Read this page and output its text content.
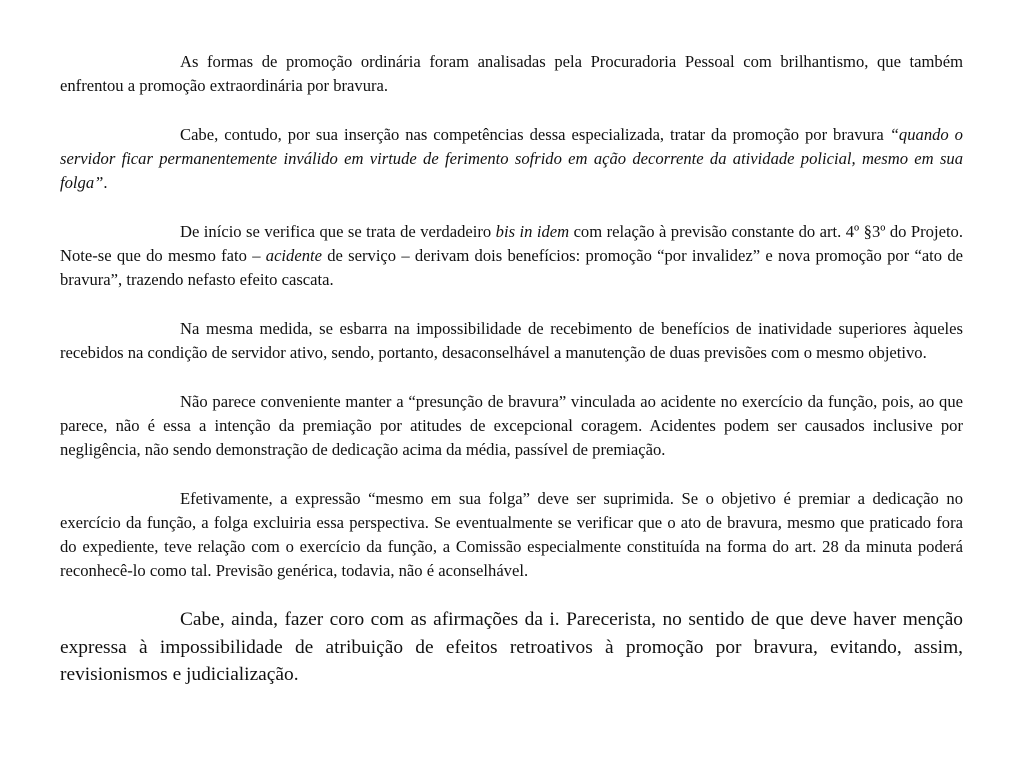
As formas de promoção ordinária foram analisadas pela Procuradoria Pessoal com brilhantismo, que também enfrentou a promoção extraordinária por bravura.

Cabe, contudo, por sua inserção nas competências dessa especializada, tratar da promoção por bravura “quando o servidor ficar permanentemente inválido em virtude de ferimento sofrido em ação decorrente da atividade policial, mesmo em sua folga”.

De início se verifica que se trata de verdadeiro bis in idem com relação à previsão constante do art. 4º §3º do Projeto. Note-se que do mesmo fato – acidente de serviço – derivam dois benefícios: promoção “por invalidez” e nova promoção por “ato de bravura”, trazendo nefasto efeito cascata.

Na mesma medida, se esbarra na impossibilidade de recebimento de benefícios de inatividade superiores àqueles recebidos na condição de servidor ativo, sendo, portanto, desaconselhável a manutenção de duas previsões com o mesmo objetivo.

Não parece conveniente manter a “presunção de bravura” vinculada ao acidente no exercício da função, pois, ao que parece, não é essa a intenção da premiação por atitudes de excepcional coragem. Acidentes podem ser causados inclusive por negligência, não sendo demonstração de dedicação acima da média, passível de premiação.

Efetivamente, a expressão “mesmo em sua folga” deve ser suprimida. Se o objetivo é premiar a dedicação no exercício da função, a folga excluiria essa perspectiva. Se eventualmente se verificar que o ato de bravura, mesmo que praticado fora do expediente, teve relação com o exercício da função, a Comissão especialmente constituída na forma do art. 28 da minuta poderá reconhecê-lo como tal. Previsão genérica, todavia, não é aconselhável.

Cabe, ainda, fazer coro com as afirmações da i. Parecerista, no sentido de que deve haver menção expressa à impossibilidade de atribuição de efeitos retroativos à promoção por bravura, evitando, assim, revisionismos e judicialização.
